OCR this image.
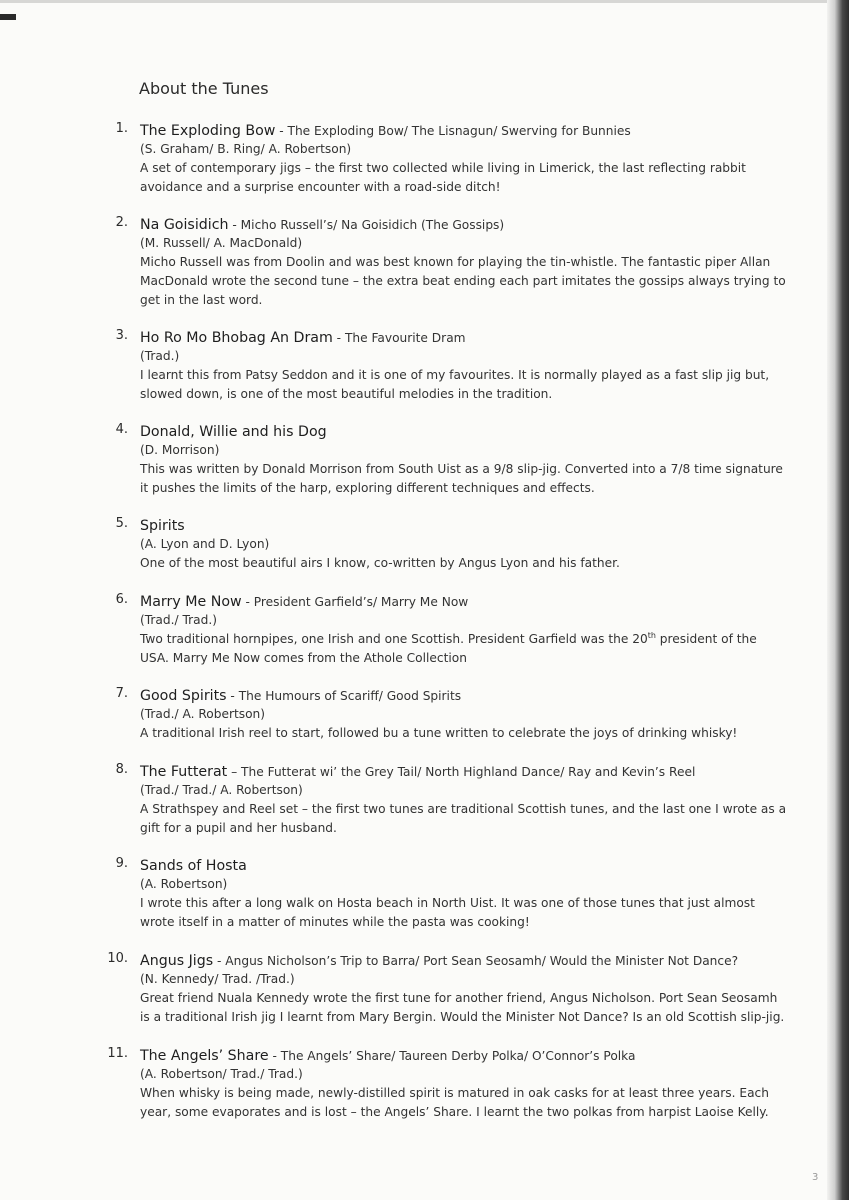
About the Tunes
1. The Exploding Bow - The Exploding Bow/ The Lisnagun/ Swerving for Bunnies
(S. Graham/ B. Ring/ A. Robertson)

A set of contemporary jigs – the first two collected while living in Limerick, the last reflecting rabbit avoidance and a surprise encounter with a road-side ditch!

2. Na Goisidich - Micho Russell’s/ Na Goisidich (The Gossips)
(M. Russell/ A. MacDonald)

Micho Russell was from Doolin and was best known for playing the tin-whistle. The fantastic piper Allan MacDonald wrote the second tune – the extra beat ending each part imitates the gossips always trying to get in the last word.

3. Ho Ro Mo Bhobag An Dram - The Favourite Dram
(Trad.)

I learnt this from Patsy Seddon and it is one of my favourites. It is normally played as a fast slip jig but, slowed down, is one of the most beautiful melodies in the tradition.

4. Donald, Willie and his Dog
(D. Morrison)

This was written by Donald Morrison from South Uist as a 9/8 slip-jig. Converted into a 7/8 time signature it pushes the limits of the harp, exploring different techniques and effects.

5. Spirits
(A. Lyon and D. Lyon)

One of the most beautiful airs I know, co-written by Angus Lyon and his father.

6. Marry Me Now - President Garfield’s/ Marry Me Now
(Trad./ Trad.)

Two traditional hornpipes, one Irish and one Scottish. President Garfield was the 20th president of the USA. Marry Me Now comes from the Athole Collection

7. Good Spirits - The Humours of Scariff/ Good Spirits
(Trad./ A. Robertson)

A traditional Irish reel to start, followed bu a tune written to celebrate the joys of drinking whisky!

8. The Futterat – The Futterat wi’ the Grey Tail/ North Highland Dance/ Ray and Kevin’s Reel
(Trad./ Trad./ A. Robertson)

A Strathspey and Reel set – the first two tunes are traditional Scottish tunes, and the last one I wrote as a gift for a pupil and her husband.

9. Sands of Hosta
(A. Robertson)

I wrote this after a long walk on Hosta beach in North Uist. It was one of those tunes that just almost wrote itself in a matter of minutes while the pasta was cooking!

10. Angus Jigs - Angus Nicholson’s Trip to Barra/ Port Sean Seosamh/ Would the Minister Not Dance?
(N. Kennedy/ Trad. /Trad.)

Great friend Nuala Kennedy wrote the first tune for another friend, Angus Nicholson. Port Sean Seosamh is a traditional Irish jig I learnt from Mary Bergin. Would the Minister Not Dance? Is an old Scottish slip-jig.

11. The Angels’ Share - The Angels’ Share/ Taureen Derby Polka/ O’Connor’s Polka
(A. Robertson/ Trad./ Trad.)

When whisky is being made, newly-distilled spirit is matured in oak casks for at least three years. Each year, some evaporates and is lost – the Angels’ Share. I learnt the two polkas from harpist Laoise Kelly.

3
